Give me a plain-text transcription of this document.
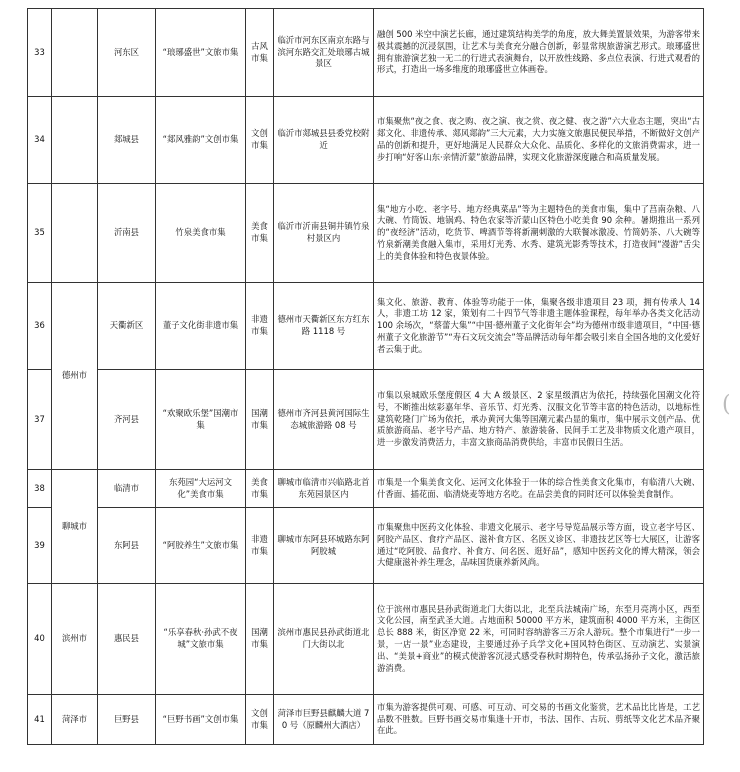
33		河东区	“琅琊盛世”文旅市集	古风市集	临沂市河东区南京东路与滨河东路交汇处琅琊古城景区	融创 500 米空中演艺长廊，通过建筑结构美学的角度，放大舞美置景效果，为游客带来极其震撼的沉浸氛围，让艺术与美食充分融合创新，彰显常规旅游演艺形式。琅琊盛世拥有旅游演艺独一无二的行进式表演舞台，以开放性线路、多点位表演、行进式观看的形式，打造出一场多维度的琅琊盛世立体画卷。
34		郯城县	“郯风雅韵”文创市集	文创市集	临沂市郯城县县委党校附近	市集聚焦“夜之食、夜之购、夜之演、夜之赏、夜之健、夜之游”六大业态主题，突出“古郯文化、非遗传承、郯风郯韵”三大元素，大力实施文旅惠民便民举措，不断做好文创产品的创新和提升，更好地满足人民群众大众化、品质化、多样化的文旅消费需求，进一步打响“好客山东·亲情沂蒙”旅游品牌，实现文化旅游深度融合和高质量发展。
35		沂南县	竹泉美食市集	美食市集	临沂市沂南县铜井镇竹泉村景区内	集“地方小吃、老字号、地方经典菜品”等为主题特色的美食市集，集中了莒南杂粮、八大碗、竹筒饭、地锅鸡、特色农家等沂蒙山区特色小吃美食 90 余种。暑期推出一系列的“夜经济”活动，吃货节、啤酒节等将新潮刺激的大联餐冰激凌、竹简奶茶、八大碗等竹泉新潮美食融入集市，采用灯光秀、水秀、建筑光影秀等技术，打造夜间“漫游”舌尖上的美食体验和特色夜景体验。
36	德州市	天衢新区	董子文化街非遗市集	非遗市集	德州市天衢新区东方红东路 1118 号	集文化、旅游、教育、体验等功能于一体，集聚各级非遗项目 23 项，拥有传承人 14 人，非遗工坊 12 家，策划有二十四节气等非遗主题体验课程，每年举办各类文化活动 100 余场次，“蔡蕾大集”“中国·德州董子文化街年会”均为德州市级非遗项目，“中国·德州董子文化旅游节”“寿石文玩交流会”等品牌活动每年都会吸引来自全国各地的文化爱好者云集于此。
37		齐河县	“欢聚欧乐堡”国潮市集	国潮市集	德州市齐河县黄河国际生态城旅游路 08 号	市集以泉城欧乐堡度假区 4 大 A 级景区、2 家星级酒店为依托，持续强化国潮文化符号，不断推出炫彩嘉年华、音乐节、灯光秀、汉服文化节等丰富的特色活动，以地标性建筑乾隆门广场为依托，承办黄河大集等国潮元素凸显的集市，集中展示文创产品、优质旅游商品、老字号产品、地方特产、旅游装备、民间手工艺及非物质文化遗产项目，进一步激发消费活力，丰富文旅商品消费供给，丰富市民假日生活。
38	聊城市	临清市	东苑园“大运河文化”美食市集	美食市集	聊城市临清市兴临路北首东苑园景区内	市集是一个集美食文化、运河文化体验于一体的综合性美食文化集市，有临清八大碗、什香面、插花面、临清烧麦等地方名吃。在品尝美食的同时还可以体验美食制作。
39		东阿县	“阿胶养生”文旅市集	非遗市集	聊城市东阿县环城路东阿阿胶城	市集聚焦中医药文化体验、非遗文化展示、老字号导览品展示等方面，设立老字号区、阿胶产品区、食疗产品区、滋补食方区、名医义诊区、非遗技艺区等七大展区，让游客通过“吃阿胶、品食疗、补食方、问名医、逛好品”，感知中医药文化的博大精深，领会大健康滋补养生理念，品味国货康养新风尚。
40	滨州市	惠民县	“乐享春秋·孙武不夜城”文旅市集	国潮市集	滨州市惠民县孙武街道北门大街以北	位于滨州市惠民县孙武街道北门大街以北，北至兵法城南广场，东至月亮湾小区，西至文化公园，南至武圣大道。占地面积 50000 平方米，建筑面积 4000 平方米，主街区总长 888 米，街区净宽 22 米，可同时容纳游客三万余人游玩。整个市集进行“一步一景，一店一景”业态建设，主要通过孙子兵学文化+国风特色街区、互动演艺、实景演出、“美景+商业”的模式使游客沉浸式感受春秋时期特色，传承弘扬孙子文化，激活旅游消费。
41	菏泽市	巨野县	“巨野书画”文创市集	文创市集	菏泽市巨野县麒麟大道 70 号（原麟州大酒店）	市集为游客提供可观、可感、可互动、可交易的书画文化鉴赏，艺术品比比皆是，工艺品数不胜数。巨野书画交易市集逢十开市，书法、国作、古玩、剪纸等文化艺术品齐聚在此。
(
